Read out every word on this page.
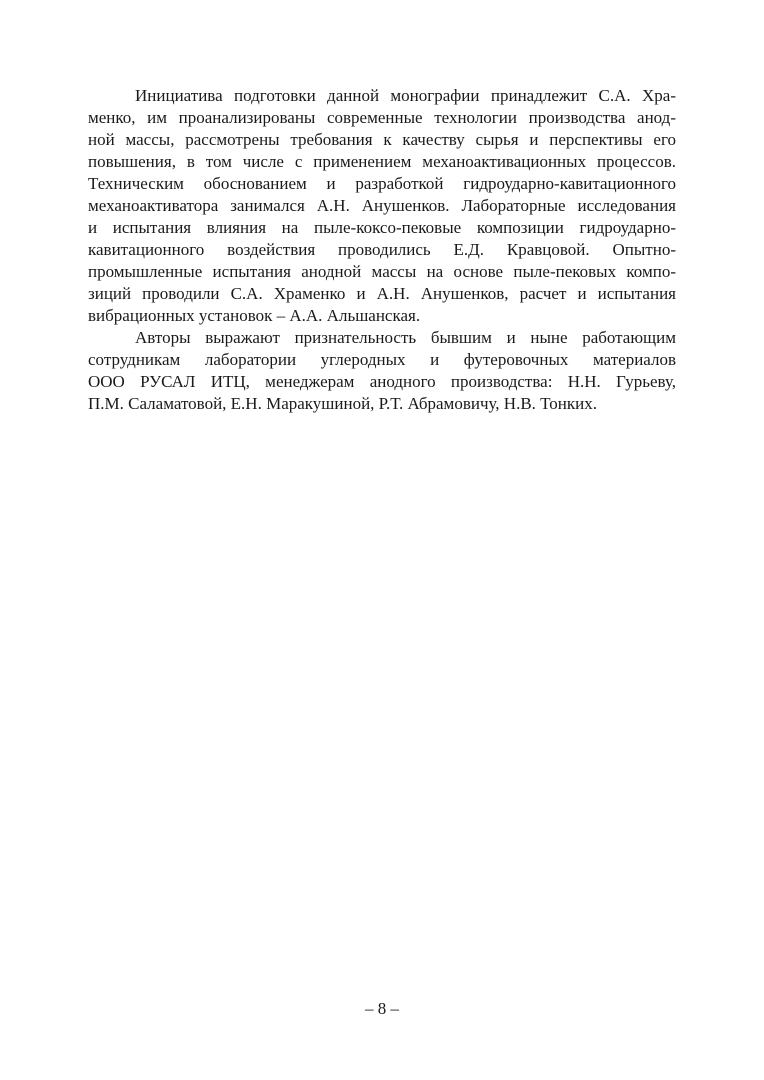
Инициатива подготовки данной монографии принадлежит С.А. Хра-
менко, им проанализированы современные технологии производства анод-
ной массы, рассмотрены требования к качеству сырья и перспективы его
повышения, в том числе с применением механоактивационных процессов.
Техническим обоснованием и разработкой гидроударно-кавитационного
механоактиватора занимался А.Н. Анушенков. Лабораторные исследования
и испытания влияния на пыле-коксо-пековые композиции гидроударно-
кавитационного воздействия проводились Е.Д. Кравцовой. Опытно-
промышленные испытания анодной массы на основе пыле-пековых компо-
зиций проводили С.А. Храменко и А.Н. Анушенков, расчет и испытания
вибрационных установок – А.А. Альшанская.
Авторы выражают признательность бывшим и ныне работающим
сотрудникам лаборатории углеродных и футеровочных материалов
ООО РУСАЛ ИТЦ, менеджерам анодного производства: Н.Н. Гурьеву,
П.М. Саламатовой, Е.Н. Маракушиной, Р.Т. Абрамовичу, Н.В. Тонких.
– 8 –
